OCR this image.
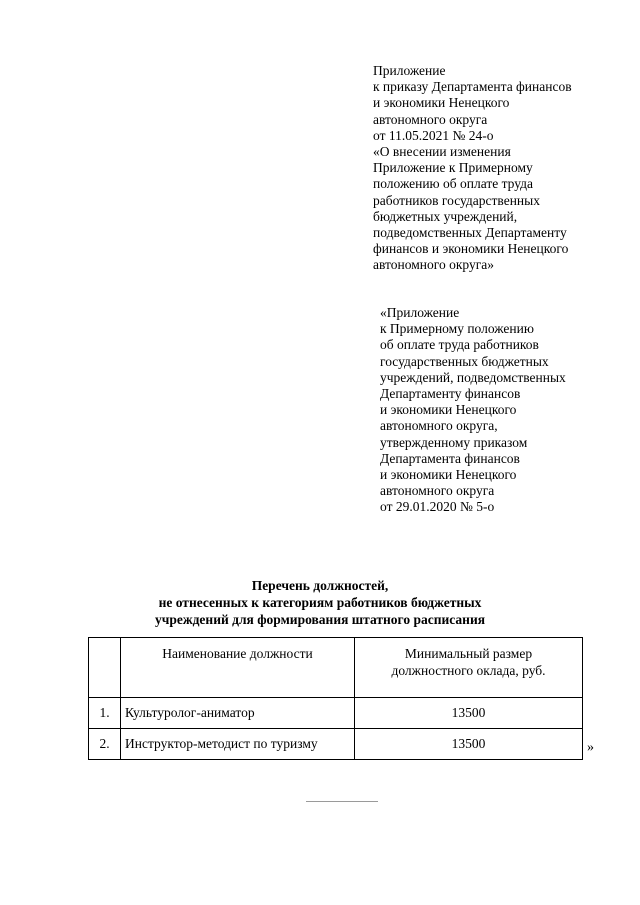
Приложение
к приказу Департамента финансов
и экономики Ненецкого
автономного округа
от 11.05.2021 № 24-о
«О внесении изменения
Приложение к Примерному
положению об оплате труда
работников государственных
бюджетных учреждений,
подведомственных Департаменту
финансов и экономики Ненецкого
автономного округа»
«Приложение
к Примерному положению
об оплате труда работников
государственных бюджетных
учреждений, подведомственных
Департаменту финансов
и экономики Ненецкого
автономного округа,
утвержденному приказом
Департамента финансов
и экономики Ненецкого
автономного округа
от 29.01.2020 № 5-о
Перечень должностей,
не отнесенных к категориям работников бюджетных
учреждений для формирования штатного расписания
	Наименование должности	Минимальный размер
должностного оклада, руб.

1.	Культуролог-аниматор	13500
2.	Инструктор-методист по туризму	13500	»
